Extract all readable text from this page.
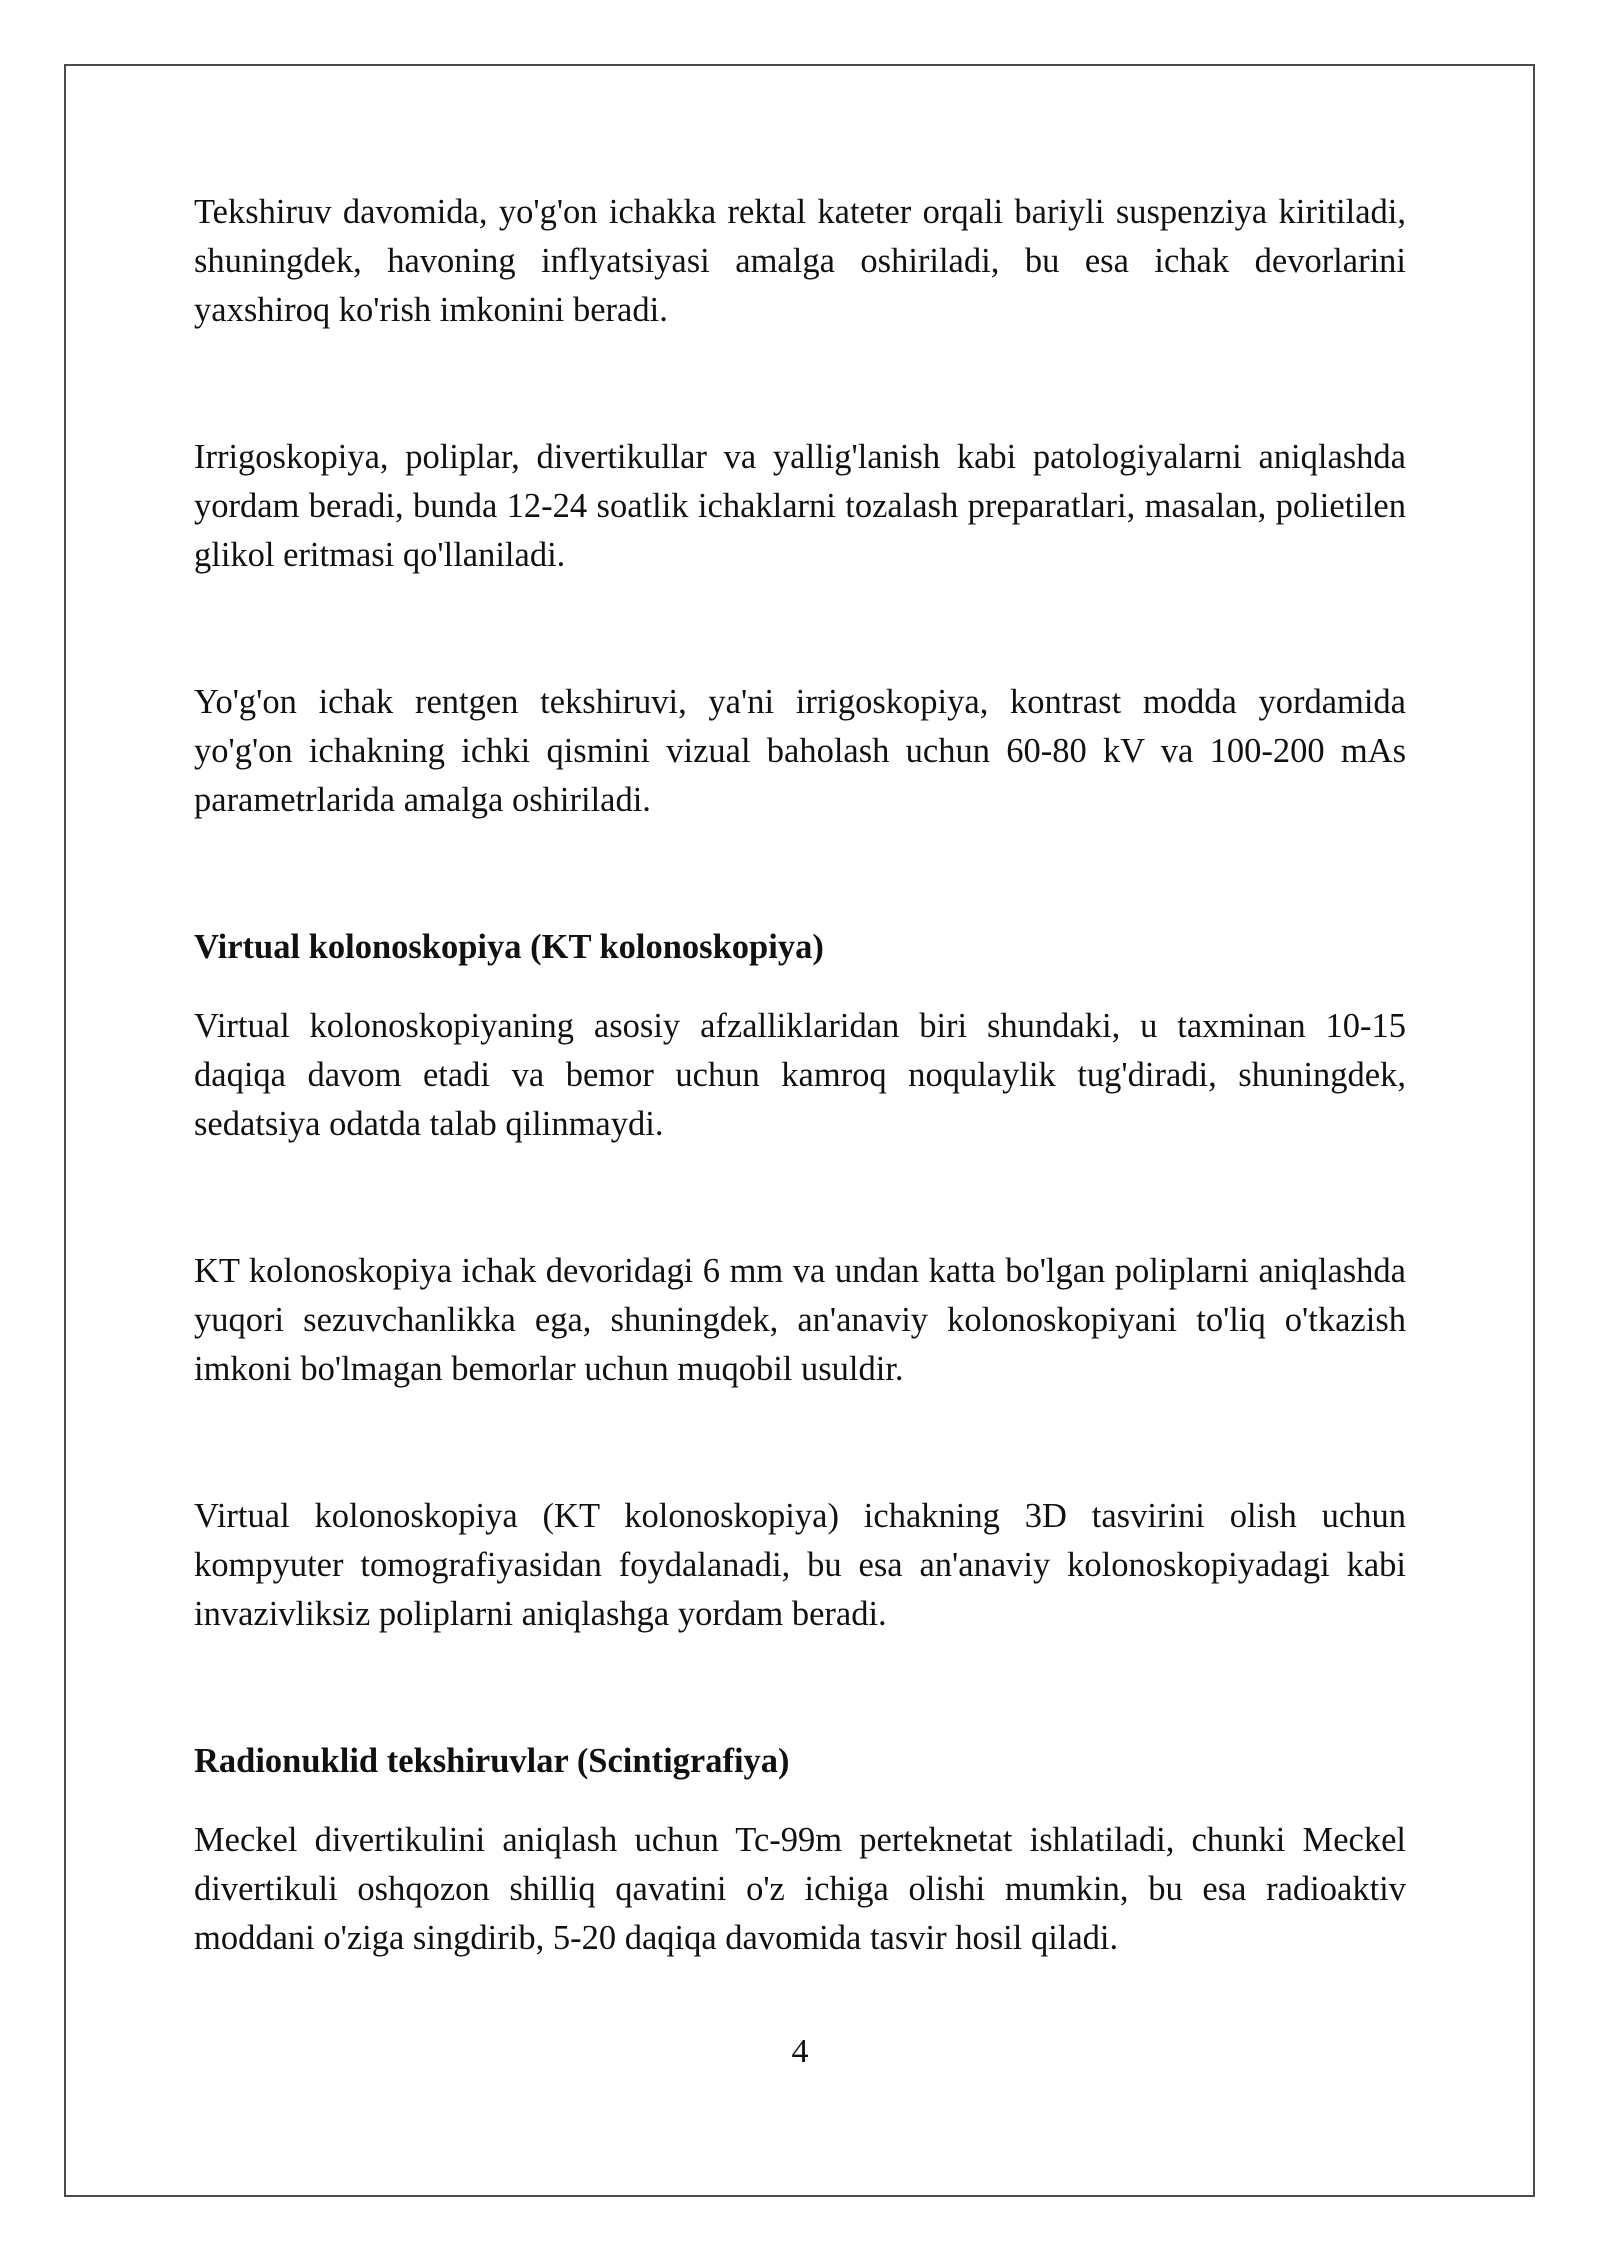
Tekshiruv davomida, yo'g'on ichakka rektal kateter orqali bariyli suspenziya kiritiladi, shuningdek, havoning inflyatsiyasi amalga oshiriladi, bu esa ichak devorlarini yaxshiroq ko'rish imkonini beradi.

Irrigoskopiya, poliplar, divertikullar va yallig'lanish kabi patologiyalarni aniqlashda yordam beradi, bunda 12-24 soatlik ichaklarni tozalash preparatlari, masalan, polietilen glikol eritmasi qo'llaniladi.

Yo'g'on ichak rentgen tekshiruvi, ya'ni irrigoskopiya, kontrast modda yordamida yo'g'on ichakning ichki qismini vizual baholash uchun 60-80 kV va 100-200 mAs parametrlarida amalga oshiriladi.

Virtual kolonoskopiya (KT kolonoskopiya)

Virtual kolonoskopiyaning asosiy afzalliklaridan biri shundaki, u taxminan 10-15 daqiqa davom etadi va bemor uchun kamroq noqulaylik tug'diradi, shuningdek, sedatsiya odatda talab qilinmaydi.

KT kolonoskopiya ichak devoridagi 6 mm va undan katta bo'lgan poliplarni aniqlashda yuqori sezuvchanlikka ega, shuningdek, an'anaviy kolonoskopiyani to'liq o'tkazish imkoni bo'lmagan bemorlar uchun muqobil usuldir.

Virtual kolonoskopiya (KT kolonoskopiya) ichakning 3D tasvirini olish uchun kompyuter tomografiyasidan foydalanadi, bu esa an'anaviy kolonoskopiyadagi kabi invazivliksiz poliplarni aniqlashga yordam beradi.

Radionuklid tekshiruvlar (Scintigrafiya)

Meckel divertikulini aniqlash uchun Tc-99m perteknetat ishlatiladi, chunki Meckel divertikuli oshqozon shilliq qavatini o'z ichiga olishi mumkin, bu esa radioaktiv moddani o'ziga singdirib, 5-20 daqiqa davomida tasvir hosil qiladi.

4
